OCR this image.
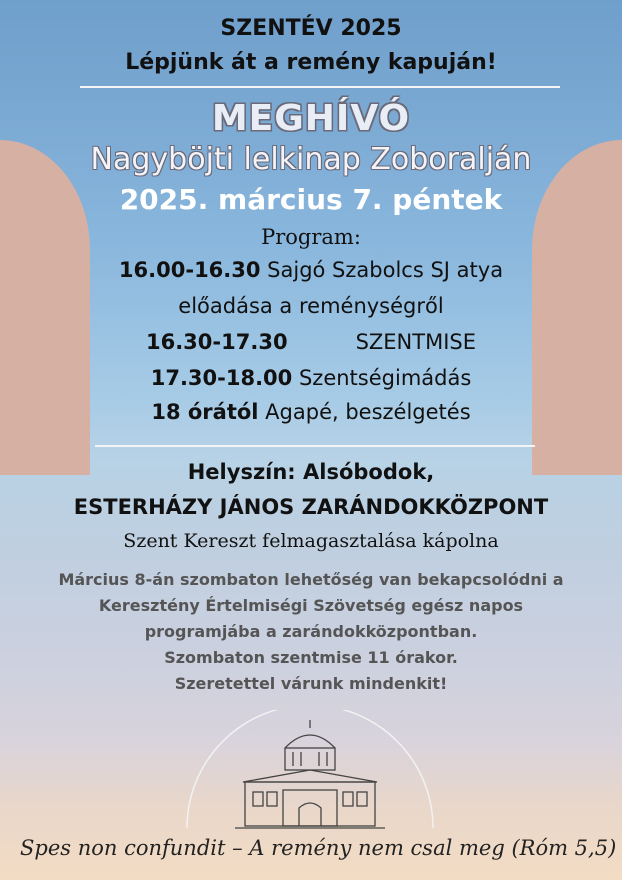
SZENTÉV 2025
Lépjünk át a remény kapuján!
MEGHÍVÓ
Nagyböjti lelkinap Zoboralján
2025. március 7. péntek
Program:
16.00-16.30 Sajgó Szabolcs SJ atya
előadása a reménységről
16.30-17.30	SZENTMISE
17.30-18.00 Szentségimádás
18 órától Agapé, beszélgetés
Helyszín: Alsóbodok,
ESTERHÁZY JÁNOS ZARÁNDOKKÖZPONT
Szent Kereszt felmagasztalása kápolna
Március 8-án szombaton lehetőség van bekapcsolódni a
Keresztény Értelmiségi Szövetség egész napos
programjába a zarándokközpontban.
Szombaton szentmise 11 órakor.
Szeretettel várunk mindenkit!
Spes non confundit – A remény nem csal meg (Róm 5,5)
